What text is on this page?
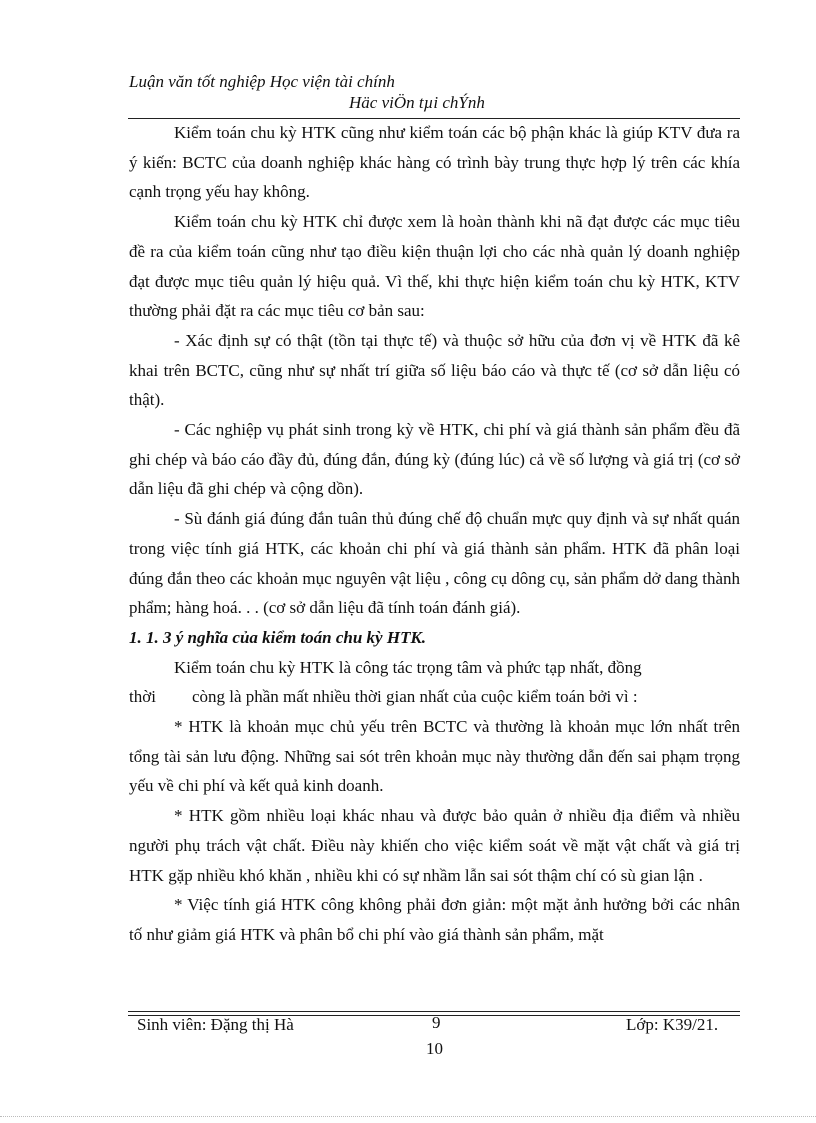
Luận văn tốt nghiệp Học viện tài chính
Häc viÖn tµi chÝnh

Kiểm toán chu kỳ HTK cũng như kiểm toán các bộ phận khác là giúp KTV đưa ra ý kiến: BCTC của doanh nghiệp khác hàng có trình bày trung thực hợp lý trên các khía cạnh trọng yếu hay không.

Kiểm toán chu kỳ HTK chỉ được xem là hoàn thành khi nã đạt được các mục tiêu đề ra của kiểm toán cũng như tạo điều kiện thuận lợi cho các nhà quản lý doanh nghiệp đạt được mục tiêu quản lý hiệu quả. Vì thế, khi thực hiện kiểm toán chu kỳ HTK, KTV thường phải đặt ra các mục tiêu cơ bản sau:

- Xác định sự có thật (tồn tại thực tế) và thuộc sở hữu của đơn vị về HTK đã kê khai trên BCTC, cũng như sự nhất trí giữa số liệu báo cáo và thực tế (cơ sở dẫn liệu có thật).

- Các nghiệp vụ phát sinh trong kỳ về HTK, chi phí và giá thành sản phẩm đều đã ghi chép và báo cáo đầy đủ, đúng đắn, đúng kỳ (đúng lúc) cả về số lượng và giá trị (cơ sở dẫn liệu đã ghi chép và cộng dồn).

- Sù đánh giá đúng đắn tuân thủ đúng chế độ chuẩn mực quy định và sự nhất quán trong việc tính giá HTK, các khoản chi phí và giá thành sản phẩm. HTK đã phân loại đúng đắn theo các khoản mục nguyên vật liệu , công cụ dông cụ, sản phẩm dở dang thành phẩm; hàng hoá. . . (cơ sở dẫn liệu đã tính toán đánh giá).

1. 1. 3 ý nghĩa của kiểm toán chu kỳ HTK.

Kiểm toán chu kỳ HTK là công tác trọng tâm và phức tạp nhất, đồng

thời còng là phần mất nhiều thời gian nhất của cuộc kiểm toán bởi vì :

* HTK là khoản mục chủ yếu trên BCTC và thường là khoản mục lớn nhất trên tổng tài sản lưu động. Những sai sót trên khoản mục này thường dẫn đến sai phạm trọng yếu về chi phí và kết quả kinh doanh.

* HTK gồm nhiều loại khác nhau và được bảo quản ở nhiều địa điểm và nhiều người phụ trách vật chất. Điều này khiến cho việc kiểm soát về mặt vật chất và giá trị HTK gặp nhiều khó khăn , nhiều khi có sự nhầm lẫn sai sót thậm chí có sù gian lận .

* Việc tính giá HTK công không phải đơn giản: một mặt ảnh hưởng bởi các nhân tố như giảm giá HTK và phân bổ chi phí vào giá thành sản phẩm, mặt

Sinh viên: Đặng thị Hà	9	Lớp: K39/21.
10
